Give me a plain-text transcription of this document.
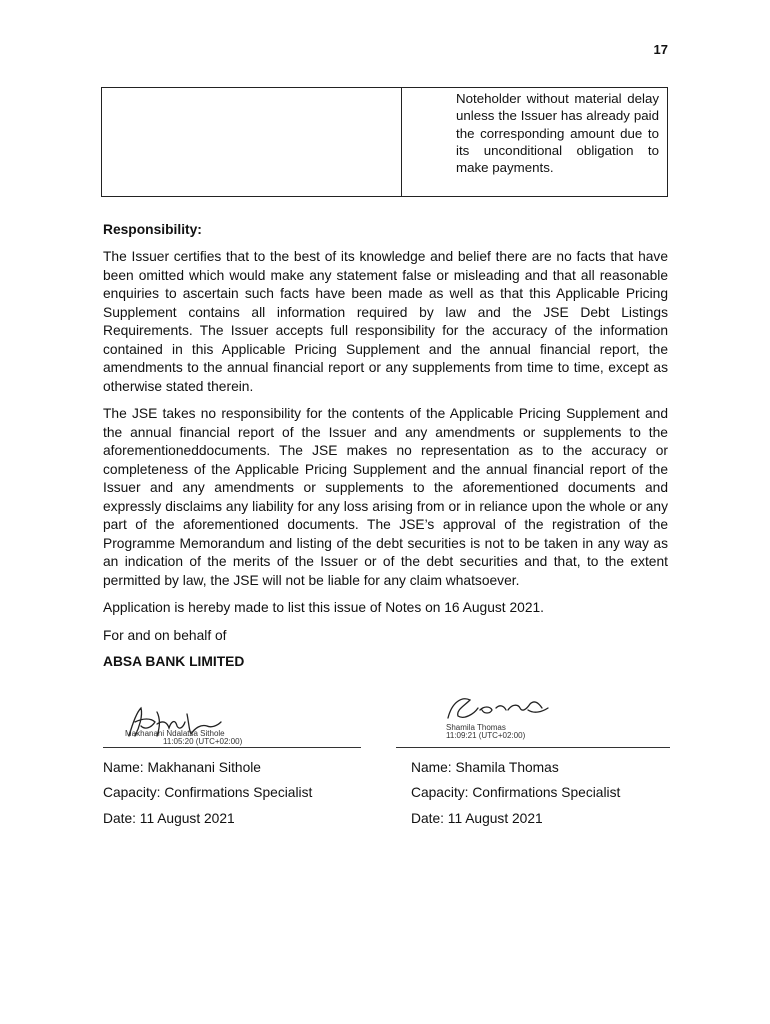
17
Noteholder without material delay unless the Issuer has already paid the corresponding amount due to its unconditional obligation to make payments.
Responsibility:

The Issuer certifies that to the best of its knowledge and belief there are no facts that have been omitted which would make any statement false or misleading and that all reasonable enquiries to ascertain such facts have been made as well as that this Applicable Pricing Supplement contains all information required by law and the JSE Debt Listings Requirements. The Issuer accepts full responsibility for the accuracy of the information contained in this Applicable Pricing Supplement and the annual financial report, the amendments to the annual financial report or any supplements from time to time, except as otherwise stated therein.

The JSE takes no responsibility for the contents of the Applicable Pricing Supplement and the annual financial report of the Issuer and any amendments or supplements to the aforementioneddocuments. The JSE makes no representation as to the accuracy or completeness of the Applicable Pricing Supplement and the annual financial report of the Issuer and any amendments or supplements to the aforementioned documents and expressly disclaims any liability for any loss arising from or in reliance upon the whole or any part of the aforementioned documents. The JSE’s approval of the registration of the Programme Memorandum and listing of the debt securities is not to be taken in any way as an indication of the merits of the Issuer or of the debt securities and that, to the extent permitted by law, the JSE will not be liable for any claim whatsoever.

Application is hereby made to list this issue of Notes on 16 August 2021.

For and on behalf of

ABSA BANK LIMITED
Makhanani Ndalatsa Sithole
11:05:20 (UTC+02:00)

Name: Makhanani Sithole

Capacity: Confirmations Specialist

Date: 11 August 2021

Shamila Thomas
11:09:21 (UTC+02:00)

Name: Shamila Thomas

Capacity: Confirmations Specialist

Date: 11 August 2021
